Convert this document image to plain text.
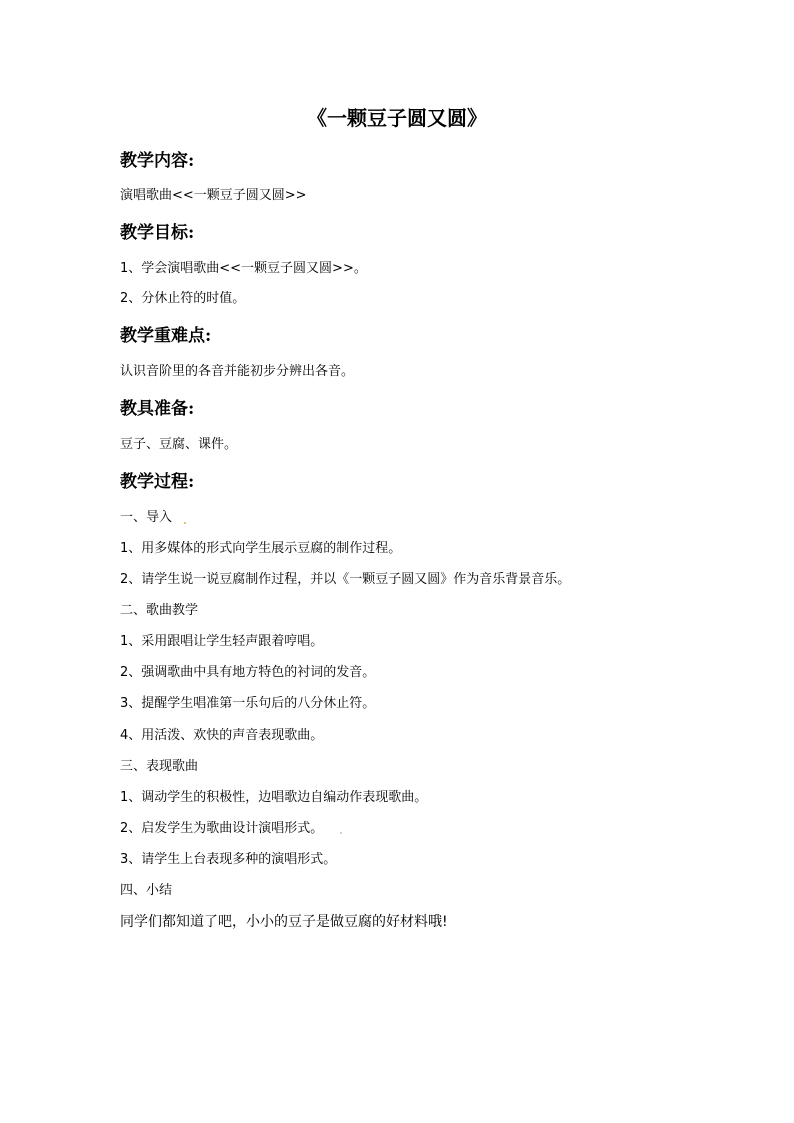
《一颗豆子圆又圆》
教学内容:
演唱歌曲<<一颗豆子圆又圆>>
教学目标:
1、学会演唱歌曲<<一颗豆子圆又圆>>。
2、分休止符的时值。
教学重难点:
认识音阶里的各音并能初步分辨出各音。
教具准备:
豆子、豆腐、课件。
教学过程:
一、导入
1、用多媒体的形式向学生展示豆腐的制作过程。
2、请学生说一说豆腐制作过程，并以《一颗豆子圆又圆》作为音乐背景音乐。
二、歌曲教学
1、采用跟唱让学生轻声跟着哼唱。
2、强调歌曲中具有地方特色的衬词的发音。
3、提醒学生唱准第一乐句后的八分休止符。
4、用活泼、欢快的声音表现歌曲。
三、表现歌曲
1、调动学生的积极性，边唱歌边自编动作表现歌曲。
2、启发学生为歌曲设计演唱形式。
3、请学生上台表现多种的演唱形式。
四、小结
同学们都知道了吧，小小的豆子是做豆腐的好材料哦!
